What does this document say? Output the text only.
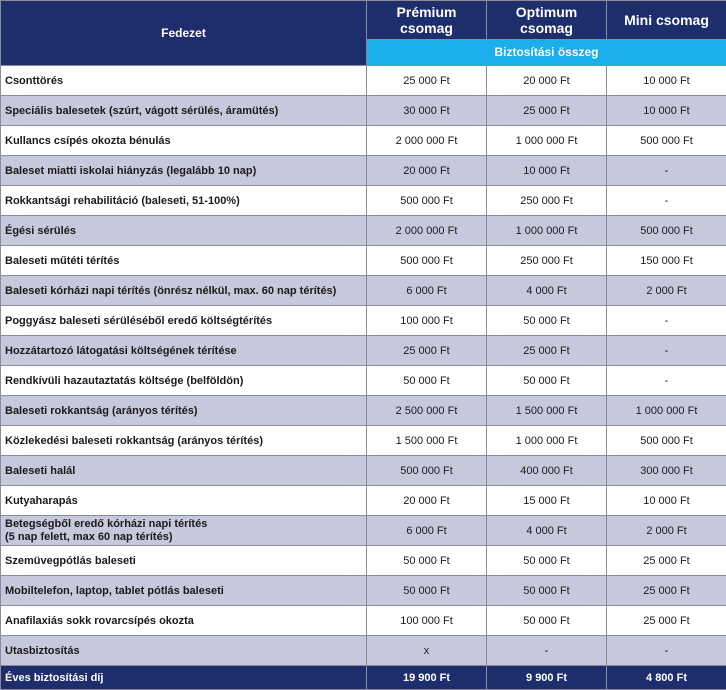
Fedezet	Prémium csomag	Optimum csomag	Mini csomag
	Biztosítási összeg		
Csonttörés	25 000 Ft	20 000 Ft	10 000 Ft
Speciális balesetek (szúrt, vágott sérülés, áramütés)	30 000 Ft	25 000 Ft	10 000 Ft
Kullancs csípés okozta bénulás	2 000 000 Ft	1 000 000 Ft	500 000 Ft
Baleset miatti iskolai hiányzás (legalább 10 nap)	20 000 Ft	10 000 Ft	-
Rokkantsági rehabilitáció (baleseti, 51-100%)	500 000 Ft	250 000 Ft	-
Égési sérülés	2 000 000 Ft	1 000 000 Ft	500 000 Ft
Baleseti műtéti térítés	500 000 Ft	250 000 Ft	150 000 Ft
Baleseti kórházi napi térítés (önrész nélkül, max. 60 nap térítés)	6 000 Ft	4 000 Ft	2 000 Ft
Poggyász baleseti sérüléséből eredő költségtérítés	100 000 Ft	50 000 Ft	-
Hozzátartozó látogatási költségének térítése	25 000 Ft	25 000 Ft	-
Rendkívüli hazautaztatás költsége (belföldön)	50 000 Ft	50 000 Ft	-
Baleseti rokkantság (arányos térítés)	2 500 000 Ft	1 500 000 Ft	1 000 000 Ft
Közlekedési baleseti rokkantság (arányos térítés)	1 500 000 Ft	1 000 000 Ft	500 000 Ft
Baleseti halál	500 000 Ft	400 000 Ft	300 000 Ft
Kutyaharapás	20 000 Ft	15 000 Ft	10 000 Ft
Betegségből eredő kórházi napi térítés
(5 nap felett, max 60 nap térítés)	6 000 Ft	4 000 Ft	2 000 Ft
Szemüvegpótlás baleseti	50 000 Ft	50 000 Ft	25 000 Ft
Mobiltelefon, laptop, tablet pótlás baleseti	50 000 Ft	50 000 Ft	25 000 Ft
Anafilaxiás sokk rovarcsípés okozta	100 000 Ft	50 000 Ft	25 000 Ft
Utasbiztosítás	x	-	-
Éves biztosítási díj	19 900 Ft	9 900 Ft	4 800 Ft
